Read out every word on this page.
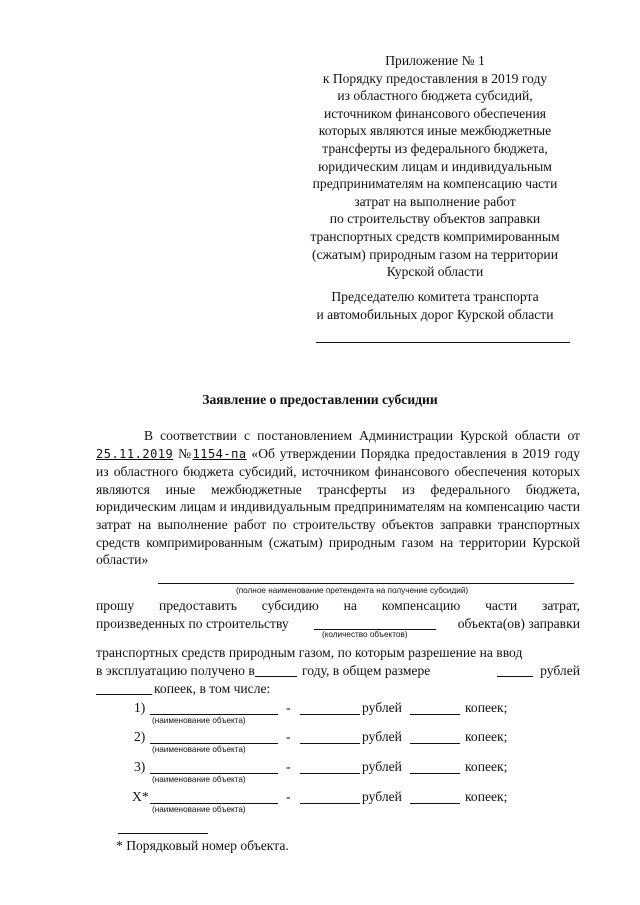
Приложение № 1
к Порядку предоставления в 2019 году
из областного бюджета субсидий,
источником финансового обеспечения
которых являются иные межбюджетные
трансферты из федерального бюджета,
юридическим лицам и индивидуальным
предпринимателям на компенсацию части
затрат на выполнение работ
по строительству объектов заправки
транспортных средств компримированным
(сжатым) природным газом на территории
Курской области
Председателю комитета транспорта
и автомобильных дорог Курской области
Заявление о предоставлении субсидии
В соответствии с постановлением Администрации Курской области от 25.11.2019 №1154-па «Об утверждении Порядка предоставления в 2019 году из областного бюджета субсидий, источником финансового обеспечения которых являются иные межбюджетные трансферты из федерального бюджета, юридическим лицам и индивидуальным предпринимателям на компенсацию части затрат на выполнение работ по строительству объектов заправки транспортных средств компримированным (сжатым) природным газом на территории Курской области»
(полное наименование претендента на получение субсидий)
прошу предоставить субсидию на компенсацию части затрат,
произведенных по строительству	объекта(ов) заправки
(количество объектов)
транспортных средств природным газом, по которым разрешение на ввод
в эксплуатацию получено в	году, в общем размере	рублей
копеек, в том числе:
1)	-	рублей	копеек;
(наименование объекта)
2)	-	рублей	копеек;
(наименование объекта)
3)	-	рублей	копеек;
(наименование объекта)
Х*	-	рублей	копеек;
(наименование объекта)
* Порядковый номер объекта.
